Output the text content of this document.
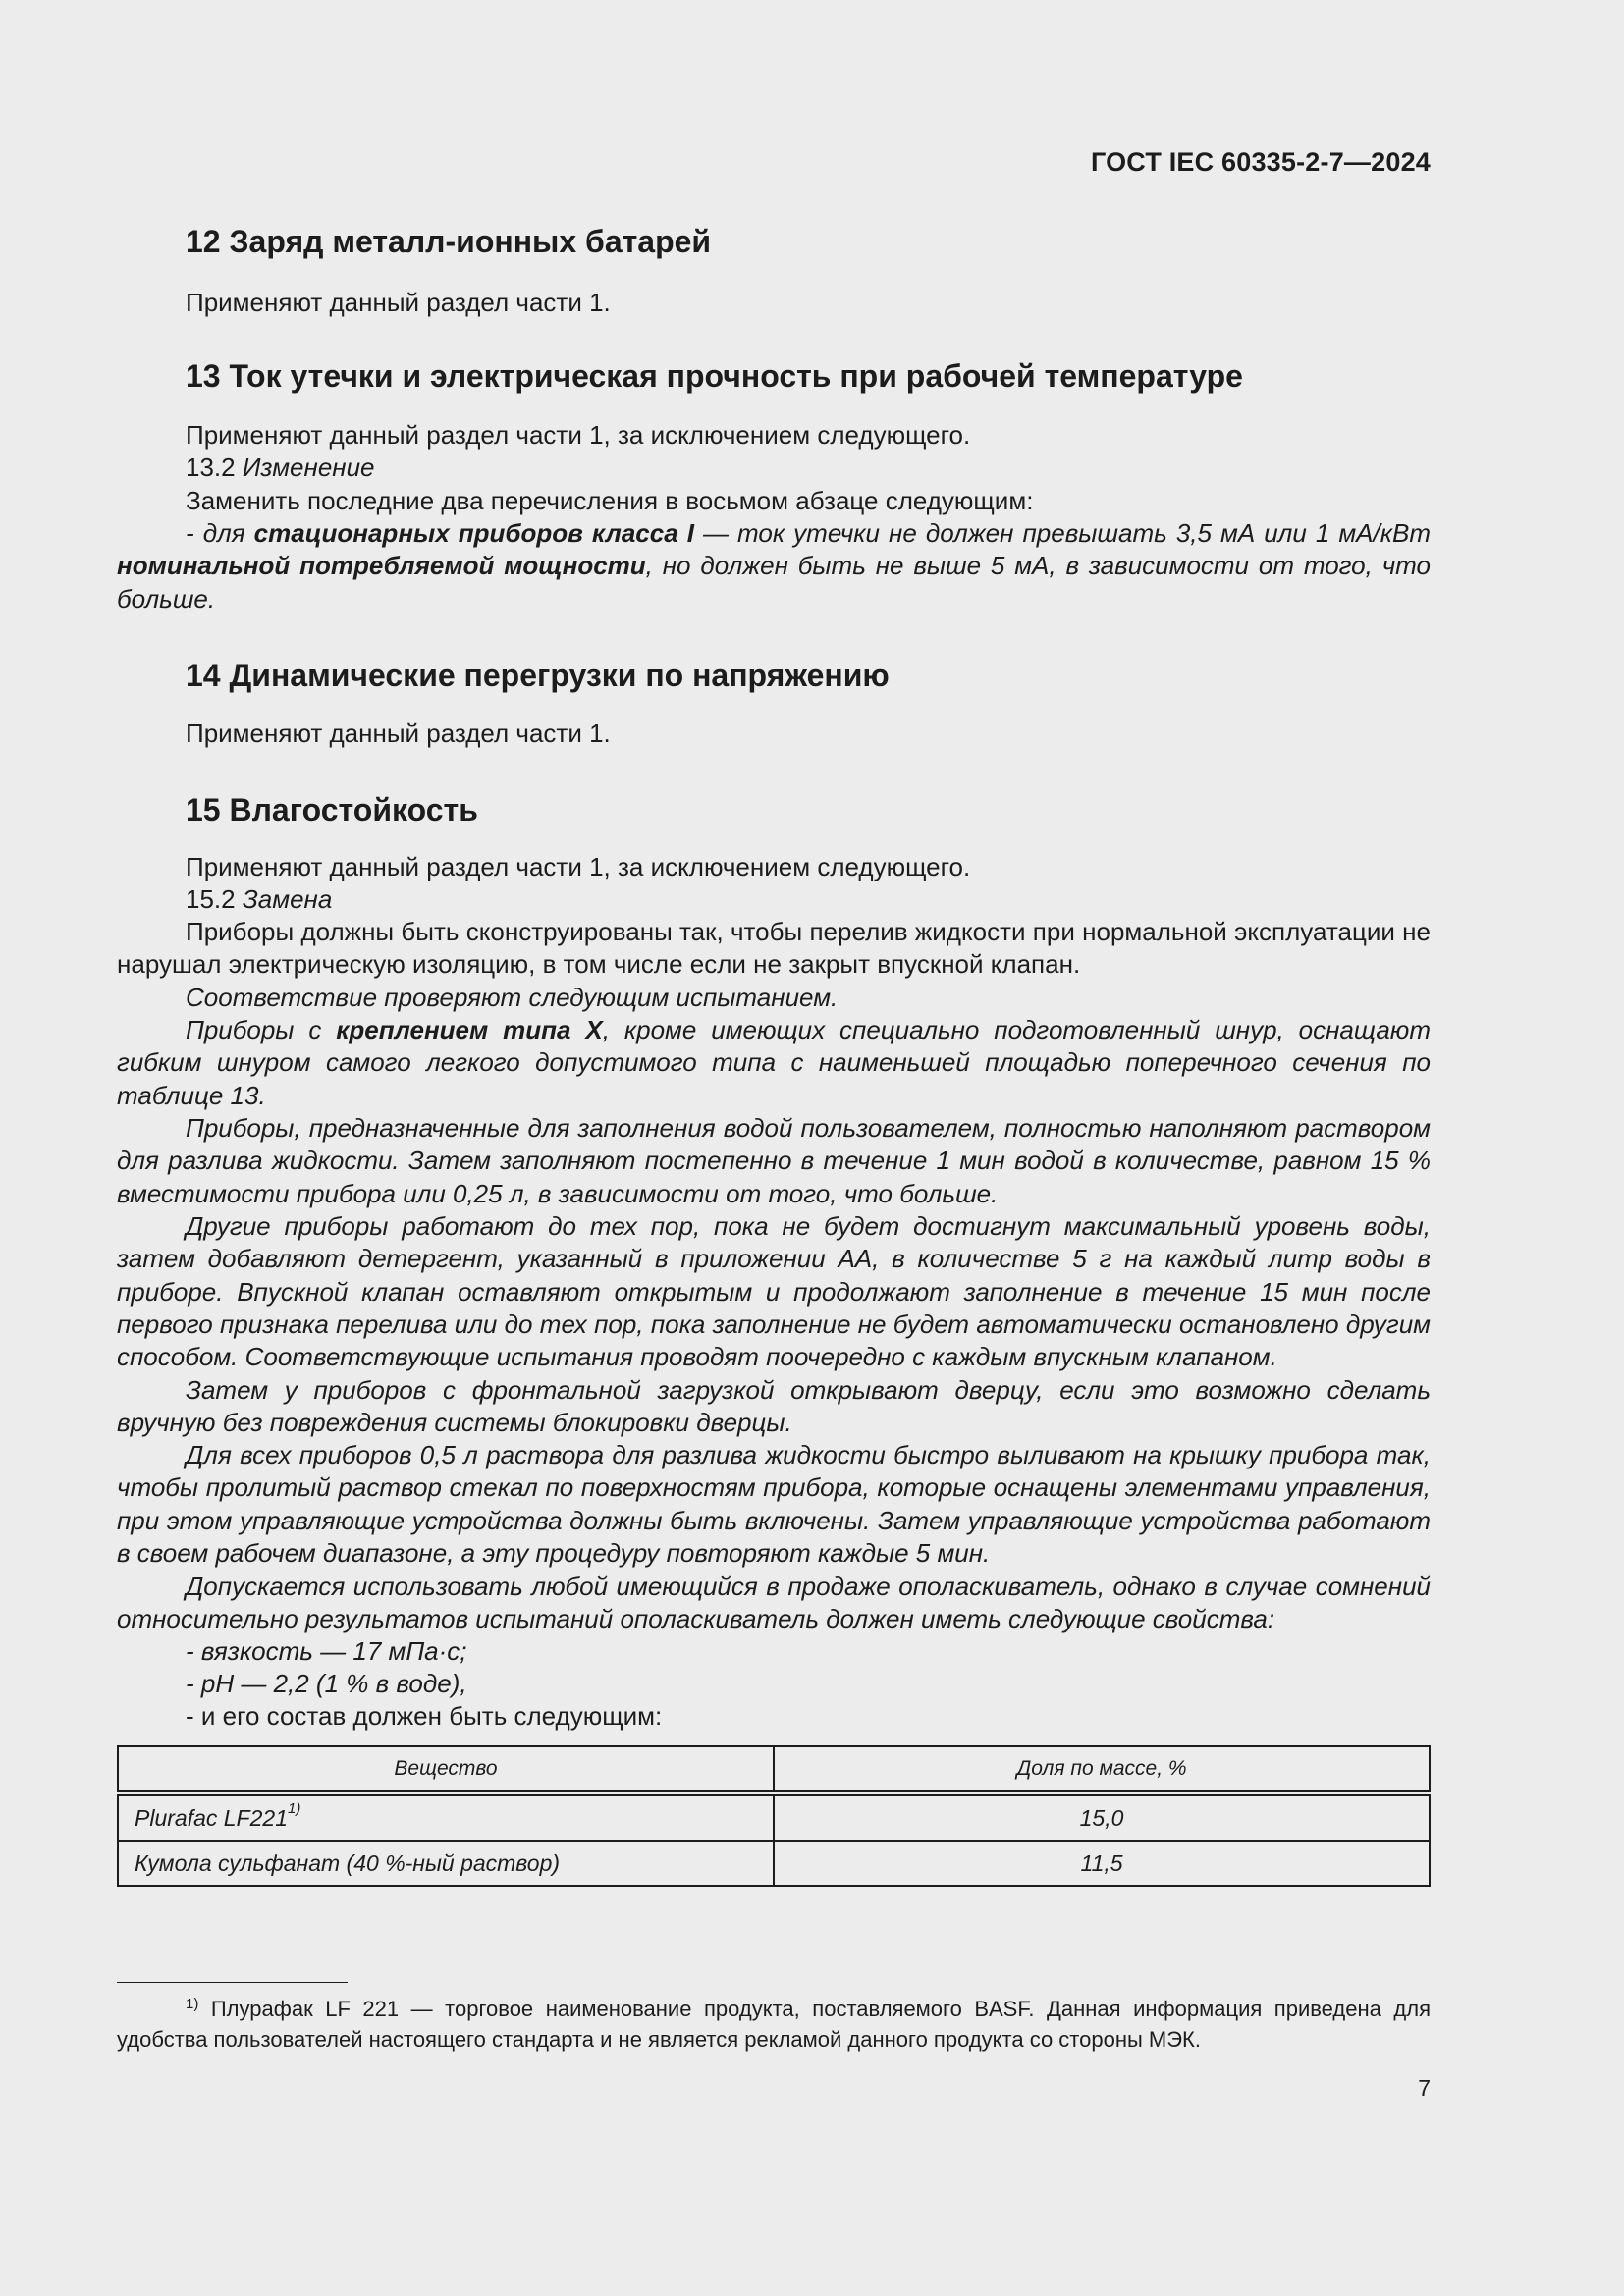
ГОСТ IEC 60335-2-7—2024
12 Заряд металл-ионных батарей

Применяют данный раздел части 1.

13 Ток утечки и электрическая прочность при рабочей температуре

Применяют данный раздел части 1, за исключением следующего.

13.2 Изменение

Заменить последние два перечисления в восьмом абзаце следующим:

- для стационарных приборов класса I — ток утечки не должен превышать 3,5 мА или 1 мА/кВт номинальной потребляемой мощности, но должен быть не выше 5 мА, в зависимости от того, что больше.

14 Динамические перегрузки по напряжению

Применяют данный раздел части 1.

15 Влагостойкость

Применяют данный раздел части 1, за исключением следующего.

15.2 Замена

Приборы должны быть сконструированы так, чтобы перелив жидкости при нормальной эксплуатации не нарушал электрическую изоляцию, в том числе если не закрыт впускной клапан.

Соответствие проверяют следующим испытанием.

Приборы с креплением типа X, кроме имеющих специально подготовленный шнур, оснащают гибким шнуром самого легкого допустимого типа с наименьшей площадью поперечного сечения по таблице 13.

Приборы, предназначенные для заполнения водой пользователем, полностью наполняют раствором для разлива жидкости. Затем заполняют постепенно в течение 1 мин водой в количестве, равном 15 % вместимости прибора или 0,25 л, в зависимости от того, что больше.

Другие приборы работают до тех пор, пока не будет достигнут максимальный уровень воды, затем добавляют детергент, указанный в приложении АА, в количестве 5 г на каждый литр воды в приборе. Впускной клапан оставляют открытым и продолжают заполнение в течение 15 мин после первого признака перелива или до тех пор, пока заполнение не будет автоматически остановлено другим способом. Соответствующие испытания проводят поочередно с каждым впускным клапаном.

Затем у приборов с фронтальной загрузкой открывают дверцу, если это возможно сделать вручную без повреждения системы блокировки дверцы.

Для всех приборов 0,5 л раствора для разлива жидкости быстро выливают на крышку прибора так, чтобы пролитый раствор стекал по поверхностям прибора, которые оснащены элементами управления, при этом управляющие устройства должны быть включены. Затем управляющие устройства работают в своем рабочем диапазоне, а эту процедуру повторяют каждые 5 мин.

Допускается использовать любой имеющийся в продаже ополаскиватель, однако в случае сомнений относительно результатов испытаний ополаскиватель должен иметь следующие свойства:

- вязкость — 17 мПа·с;
- pH — 2,2 (1 % в воде),
- и его состав должен быть следующим:
Вещество	Доля по массе, %
Plurafac LF221$^{1)}$	15,0
Кумола сульфанат (40 %-ный раствор)	11,5

$^{1)}$ Плурафак LF 221 — торговое наименование продукта, поставляемого BASF. Данная информация приведена для удобства пользователей настоящего стандарта и не является рекламой данного продукта со стороны МЭК.

7
